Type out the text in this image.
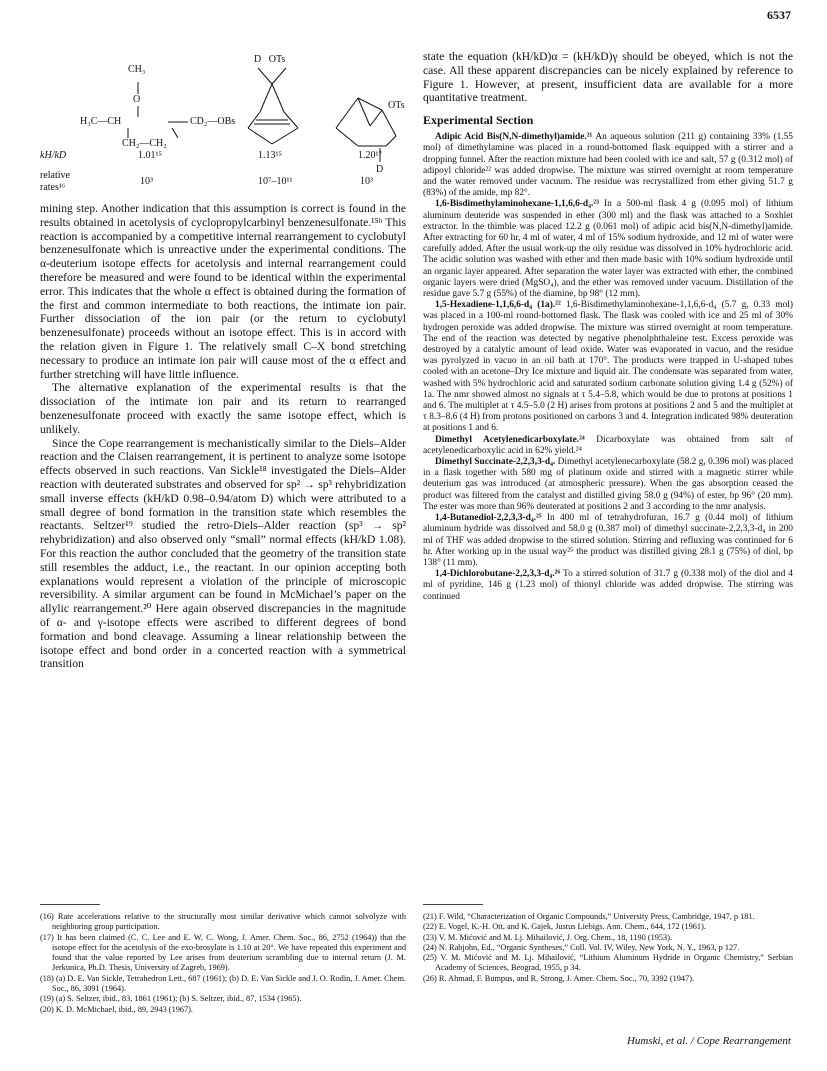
6537
CH₃
O
H₃C—CH	CD₂—OBs
CH₂—CH₂
D   OTs
OTs
D
kH/kD	1.01¹⁵	1.13¹⁵	1.20¹⁷
relative
rates¹⁶
10³	10⁷–10¹¹	10³

mining step. Another indication that this assumption is correct is found in the results obtained in acetolysis of cyclopropylcarbinyl benzenesulfonate.¹⁵ᵇ This reaction is accompanied by a competitive internal rearrangement to cyclobutyl benzenesulfonate which is unreactive under the experimental conditions. The α-deuterium isotope effects for acetolysis and internal rearrangement could therefore be measured and were found to be identical within the experimental error. This indicates that the whole α effect is obtained during the formation of the first and common intermediate to both reactions, the intimate ion pair. Further dissociation of the ion pair (or the return to cyclobutyl benzenesulfonate) proceeds without an isotope effect. This is in accord with the relation given in Figure 1. The relatively small C–X bond stretching necessary to produce an intimate ion pair will cause most of the α effect and further stretching will have little influence.

The alternative explanation of the experimental results is that the dissociation of the intimate ion pair and its return to rearranged benzenesulfonate proceed with exactly the same isotope effect, which is unlikely.

Since the Cope rearrangement is mechanistically similar to the Diels–Alder reaction and the Claisen rearrangement, it is pertinent to analyze some isotope effects observed in such reactions. Van Sickle¹⁸ investigated the Diels–Alder reaction with deuterated substrates and observed for sp² → sp³ rehybridization small inverse effects (kH/kD 0.98–0.94/atom D) which were attributed to a small degree of bond formation in the transition state which resembles the reactants. Seltzer¹⁹ studied the retro-Diels–Alder reaction (sp³ → sp² rehybridization) and also observed only “small” normal effects (kH/kD 1.08). For this reaction the author concluded that the geometry of the transition state still resembles the adduct, i.e., the reactant. In our opinion accepting both explanations would represent a violation of the principle of microscopic reversibility. A similar argument can be found in McMichael’s paper on the allylic rearrangement.²⁰ Here again observed discrepancies in the magnitude of α- and γ-isotope effects were ascribed to different degrees of bond formation and bond cleavage. Assuming a linear relationship between the isotope effect and bond order in a concerted reaction with a symmetrical transition

state the equation (kH/kD)α = (kH/kD)γ should be obeyed, which is not the case. All these apparent discrepancies can be nicely explained by reference to Figure 1. However, at present, insufficient data are available for a more quantitative treatment.

Experimental Section

Adipic Acid Bis(N,N-dimethyl)amide.²¹ An aqueous solution (211 g) containing 33% (1.55 mol) of dimethylamine was placed in a round-bottomed flask equipped with a stirrer and a dropping funnel. After the reaction mixture had been cooled with ice and salt, 57 g (0.312 mol) of adipoyl chloride²² was added dropwise. The mixture was stirred overnight at room temperature and the water removed under vacuum. The residue was recrystallized from ether giving 51.7 g (83%) of the amide, mp 82°.

1,6-Bisdimethylaminohexane-1,1,6,6-d₄.²³ In a 500-ml flask 4 g (0.095 mol) of lithium aluminum deuteride was suspended in ether (300 ml) and the flask was attached to a Soxhlet extractor. In the thimble was placed 12.2 g (0.061 mol) of adipic acid bis(N,N-dimethyl)amide. After extracting for 60 hr, 4 ml of water, 4 ml of 15% sodium hydroxide, and 12 ml of water were carefully added. After the usual work-up the oily residue was dissolved in 10% hydrochloric acid. The acidic solution was washed with ether and then made basic with 10% sodium hydroxide until an organic layer appeared. After separation the water layer was extracted with ether, the combined organic layers were dried (MgSO₄), and the ether was removed under vacuum. Distillation of the residue gave 5.7 g (55%) of the diamine, bp 98° (12 mm).

1,5-Hexadiene-1,1,6,6-d₄ (1a).²² 1,6-Bisdimethylaminohexane-1,1,6,6-d₄ (5.7 g, 0.33 mol) was placed in a 100-ml round-bottomed flask. The flask was cooled with ice and 25 ml of 30% hydrogen peroxide was added dropwise. The mixture was stirred overnight at room temperature. The end of the reaction was detected by negative phenolphthaleine test. Excess peroxide was destroyed by a catalytic amount of lead oxide. Water was evaporated in vacuo, and the residue was pyrolyzed in vacuo in an oil bath at 170°. The products were trapped in U-shaped tubes cooled with an acetone–Dry Ice mixture and liquid air. The condensate was separated from water, washed with 5% hydrochloric acid and saturated sodium carbonate solution giving 1.4 g (52%) of 1a. The nmr showed almost no signals at τ 5.4–5.8, which would be due to protons at positions 1 and 6. The multiplet at τ 4.5–5.0 (2 H) arises from protons at positions 2 and 5 and the multiplet at τ 8.3–8.6 (4 H) from protons positioned on carbons 3 and 4. Integration indicated 98% deuteration at positions 1 and 6.

Dimethyl Acetylenedicarboxylate.²⁴ Dicarboxylate was obtained from salt of acetylenedicarboxylic acid in 62% yield.²⁴

Dimethyl Succinate-2,2,3,3-d₄. Dimethyl acetylenecarboxylate (58.2 g, 0.396 mol) was placed in a flask together with 580 mg of platinum oxide and stirred with a magnetic stirrer while deuterium gas was introduced (at atmospheric pressure). When the gas absorption ceased the product was filtered from the catalyst and distilled giving 58.0 g (94%) of ester, bp 96° (20 mm). The ester was more than 96% deuterated at positions 2 and 3 according to the nmr analysis.

1,4-Butanediol-2,2,3,3-d₄.²⁵ In 400 ml of tetrahydrofuran, 16.7 g (0.44 mol) of lithium aluminum hydride was dissolved and 58.0 g (0.387 mol) of dimethyl succinate-2,2,3,3-d₄ in 200 ml of THF was added dropwise to the stirred solution. Stirring and refluxing was continued for 6 hr. After working up in the usual way²⁵ the product was distilled giving 28.1 g (75%) of diol, bp 138° (11 mm).

1,4-Dichlorobutane-2,2,3,3-d₄.²⁶ To a stirred solution of 31.7 g (0.338 mol) of the diol and 4 ml of pyridine, 146 g (1.23 mol) of thionyl chloride was added dropwise. The stirring was continued

(16) Rate accelerations relative to the structurally most similar derivative which cannot solvolyze with neighboring group participation.

(17) It has been claimed (C. C. Lee and E. W. C. Wong, J. Amer. Chem. Soc., 86, 2752 (1964)) that the isotope effect for the acetolysis of the exo-brosylate is 1.10 at 20°. We have repeated this experiment and found that the value reported by Lee arises from deuterium scrambling due to internal return (J. M. Jerkunica, Ph.D. Thesis, University of Zagreb, 1969).

(18) (a) D. E. Van Sickle, Tetrahedron Lett., 687 (1961); (b) D. E. Van Sickle and J. O. Rodin, J. Amer. Chem. Soc., 86, 3091 (1964).

(19) (a) S. Seltzer, ibid., 83, 1861 (1961); (b) S. Seltzer, ibid., 87, 1534 (1965).

(20) K. D. McMichael, ibid., 89, 2943 (1967).

(21) F. Wild, “Characterization of Organic Compounds,” University Press, Cambridge, 1947, p 181.

(22) E. Vogel, K.-H. Ott, and K. Gajek, Justus Liebigs. Ann. Chem., 644, 172 (1961).

(23) V. M. Mićović and M. Lj. Mihailović, J. Org. Chem., 18, 1190 (1953).

(24) N. Rabjohn, Ed., “Organic Syntheses,” Coll. Vol. IV, Wiley, New York, N. Y., 1963, p 127.

(25) V. M. Mićović and M. Lj. Mihailović, “Lithium Aluminum Hydride in Organic Chemistry,” Serbian Academy of Sciences, Beograd, 1955, p 34.

(26) R. Ahmad, F. Bumpus, and R. Strong, J. Amer. Chem. Soc., 70, 3392 (1947).

Humski, et al. / Cope Rearrangement
